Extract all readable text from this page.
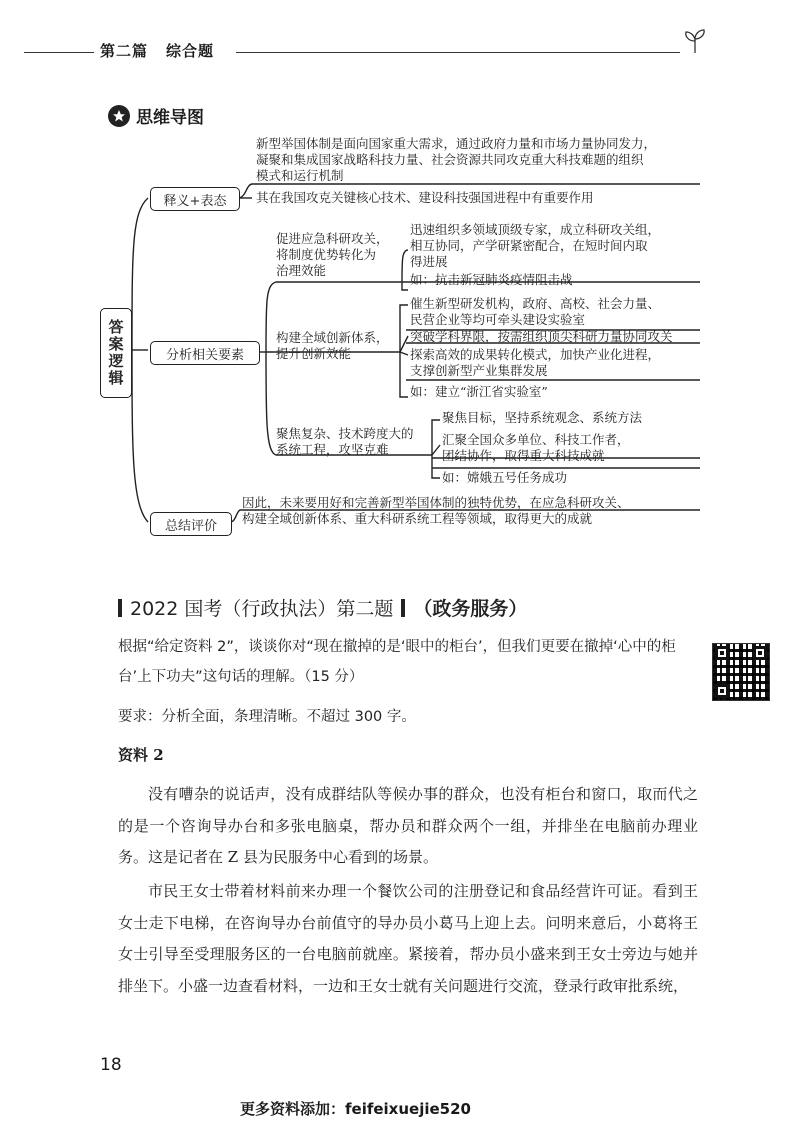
第二篇 综合题
思维导图
答案逻辑
释义+表态
新型举国体制是面向国家重大需求，通过政府力量和市场力量协同发力，
凝聚和集成国家战略科技力量、社会资源共同攻克重大科技难题的组织
模式和运行机制
其在我国攻克关键核心技术、建设科技强国进程中有重要作用
分析相关要素
促进应急科研攻关，
将制度优势转化为
治理效能
迅速组织多领域顶级专家，成立科研攻关组，
相互协同，产学研紧密配合，在短时间内取
得进展
如：抗击新冠肺炎疫情阻击战
构建全域创新体系，
提升创新效能
催生新型研发机构，政府、高校、社会力量、
民营企业等均可牵头建设实验室
突破学科界限，按需组织顶尖科研力量协同攻关
探索高效的成果转化模式，加快产业化进程，
支撑创新型产业集群发展
如：建立“浙江省实验室”
聚焦复杂、技术跨度大的
系统工程，攻坚克难
聚焦目标，坚持系统观念、系统方法
汇聚全国众多单位、科技工作者，
团结协作，取得重大科技成就
如：嫦娥五号任务成功
总结评价
因此，未来要用好和完善新型举国体制的独特优势，在应急科研攻关、
构建全域创新体系、重大科研系统工程等领域，取得更大的成就
2022 国考（行政执法）第二题 （政务服务）
根据“给定资料 2”，谈谈你对“现在撤掉的是‘眼中的柜台’，但我们更要在撤掉‘心中的柜台’上下功夫”这句话的理解。（15 分）
要求：分析全面，条理清晰。不超过 300 字。
资料 2
没有嘈杂的说话声，没有成群结队等候办事的群众，也没有柜台和窗口，取而代之的是一个咨询导办台和多张电脑桌，帮办员和群众两个一组，并排坐在电脑前办理业务。这是记者在 Z 县为民服务中心看到的场景。
市民王女士带着材料前来办理一个餐饮公司的注册登记和食品经营许可证。看到王女士走下电梯，在咨询导办台前值守的导办员小葛马上迎上去。问明来意后，小葛将王女士引导至受理服务区的一台电脑前就座。紧接着，帮办员小盛来到王女士旁边与她并排坐下。小盛一边查看材料，一边和王女士就有关问题进行交流，登录行政审批系统，
18
更多资料添加：feifeixuejie520
